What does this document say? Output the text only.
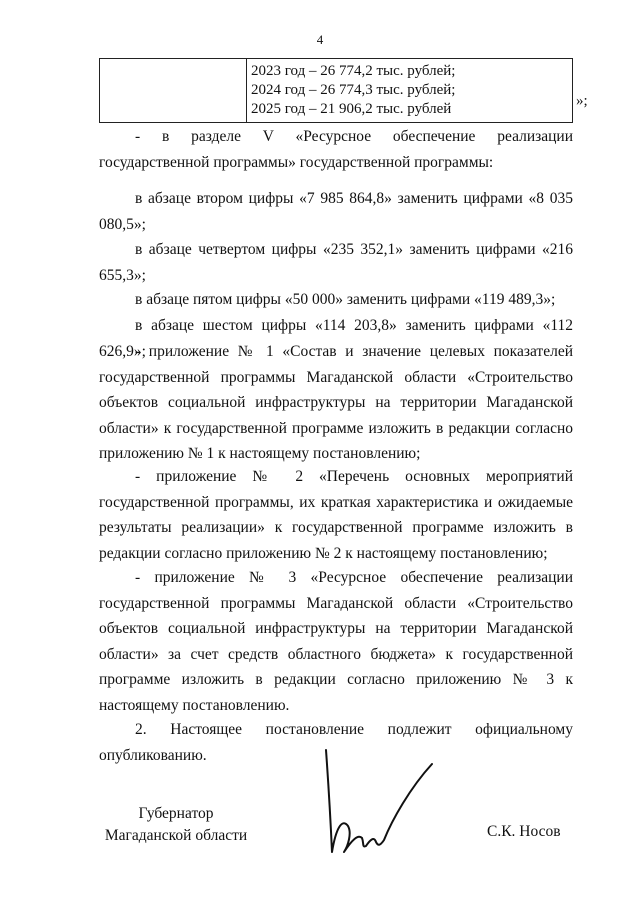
4

2023 год – 26 774,2 тыс. рублей;
2024 год – 26 774,3 тыс. рублей;
2025 год – 21 906,2 тыс. рублей	»;

- в разделе V «Ресурсное обеспечение реализации государственной программы» государственной программы:

в абзаце втором цифры «7 985 864,8» заменить цифрами «8 035 080,5»;

в абзаце четвертом цифры «235 352,1» заменить цифрами «216 655,3»;

в абзаце пятом цифры «50 000» заменить цифрами «119 489,3»;

в абзаце шестом цифры «114 203,8» заменить цифрами «112 626,9»;

- приложение № 1 «Состав и значение целевых показателей государственной программы Магаданской области «Строительство объектов социальной инфраструктуры на территории Магаданской области» к государственной программе изложить в редакции согласно приложению № 1 к настоящему постановлению;

- приложение № 2 «Перечень основных мероприятий государственной программы, их краткая характеристика и ожидаемые результаты реализации» к государственной программе изложить в редакции согласно приложению № 2 к настоящему постановлению;

- приложение № 3 «Ресурсное обеспечение реализации государственной программы Магаданской области «Строительство объектов социальной инфраструктуры на территории Магаданской области» за счет средств областного бюджета» к государственной программе изложить в редакции согласно приложению № 3 к настоящему постановлению.

2. Настоящее постановление подлежит официальному опубликованию.

Губернатор
Магаданской области	С.К. Носов
